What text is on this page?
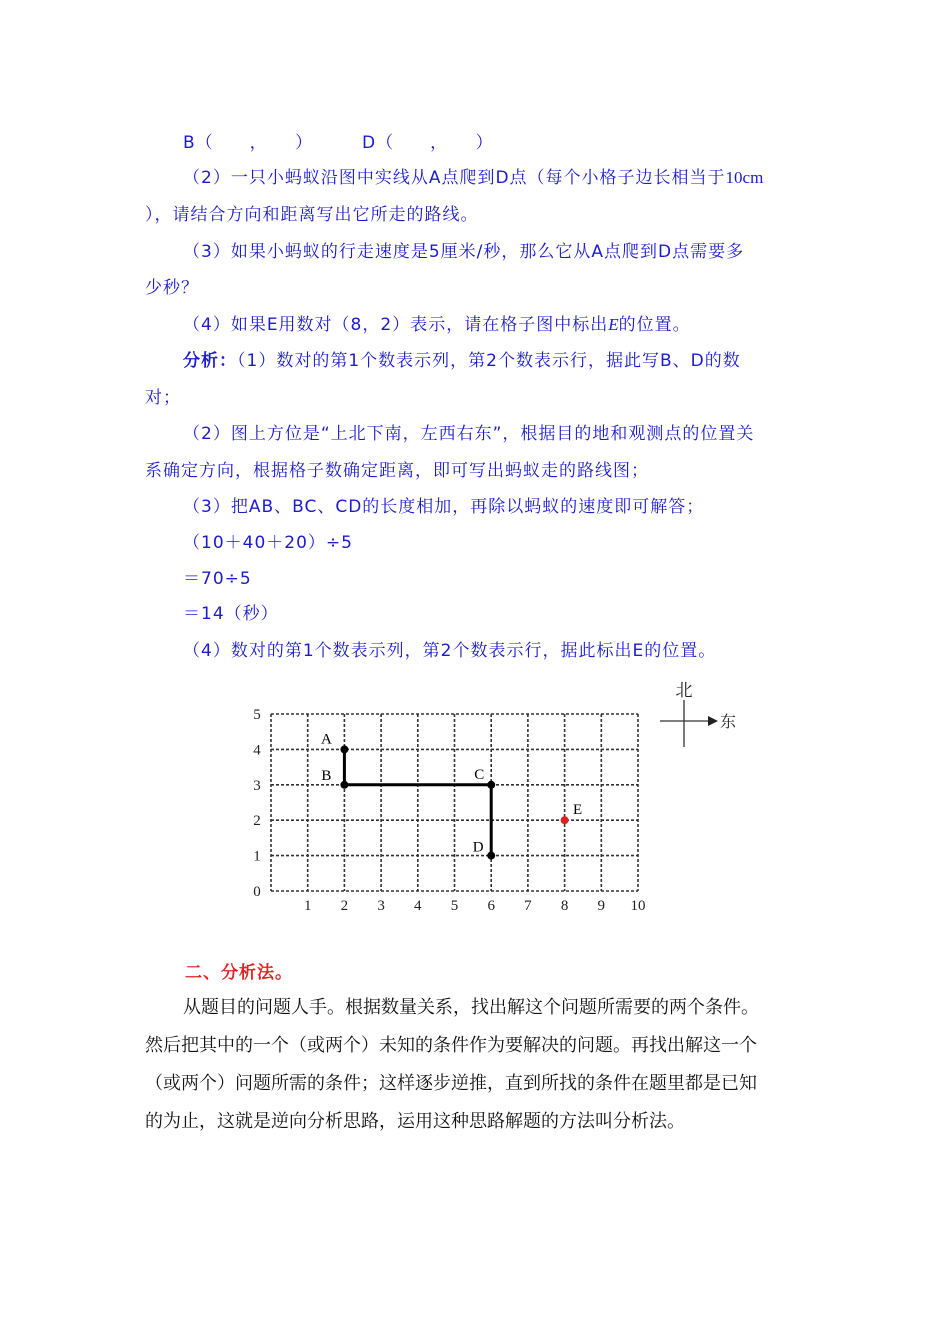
B（　　，　　）	D（　　，　　）
（2）一只小蚂蚁沿图中实线从A点爬到D点（每个小格子边长相当于10cm
），请结合方向和距离写出它所走的路线。
（3）如果小蚂蚁的行走速度是5厘米/秒，那么它从A点爬到D点需要多
少秒？
（4）如果E用数对（8，2）表示，请在格子图中标出E的位置。
分析：（1）数对的第1个数表示列，第2个数表示行，据此写B、D的数
对；
（2）图上方位是“上北下南，左西右东”，根据目的地和观测点的位置关
系确定方向，根据格子数确定距离，即可写出蚂蚁走的路线图；
（3）把AB、BC、CD的长度相加，再除以蚂蚁的速度即可解答；
（10＋40＋20）÷5
＝70÷5
＝14（秒）
（4）数对的第1个数表示列，第2个数表示行，据此标出E的位置。
1 2 3 4 5 6 7 8 9 10
0
1
2
3
4
5
A
B	C
D
E
北
东
二、分析法。
从题目的问题人手。根据数量关系，找出解这个问题所需要的两个条件。
然后把其中的一个（或两个）未知的条件作为要解决的问题。再找出解这一个
（或两个）问题所需的条件；这样逐步逆推，直到所找的条件在题里都是已知
的为止，这就是逆向分析思路，运用这种思路解题的方法叫分析法。
